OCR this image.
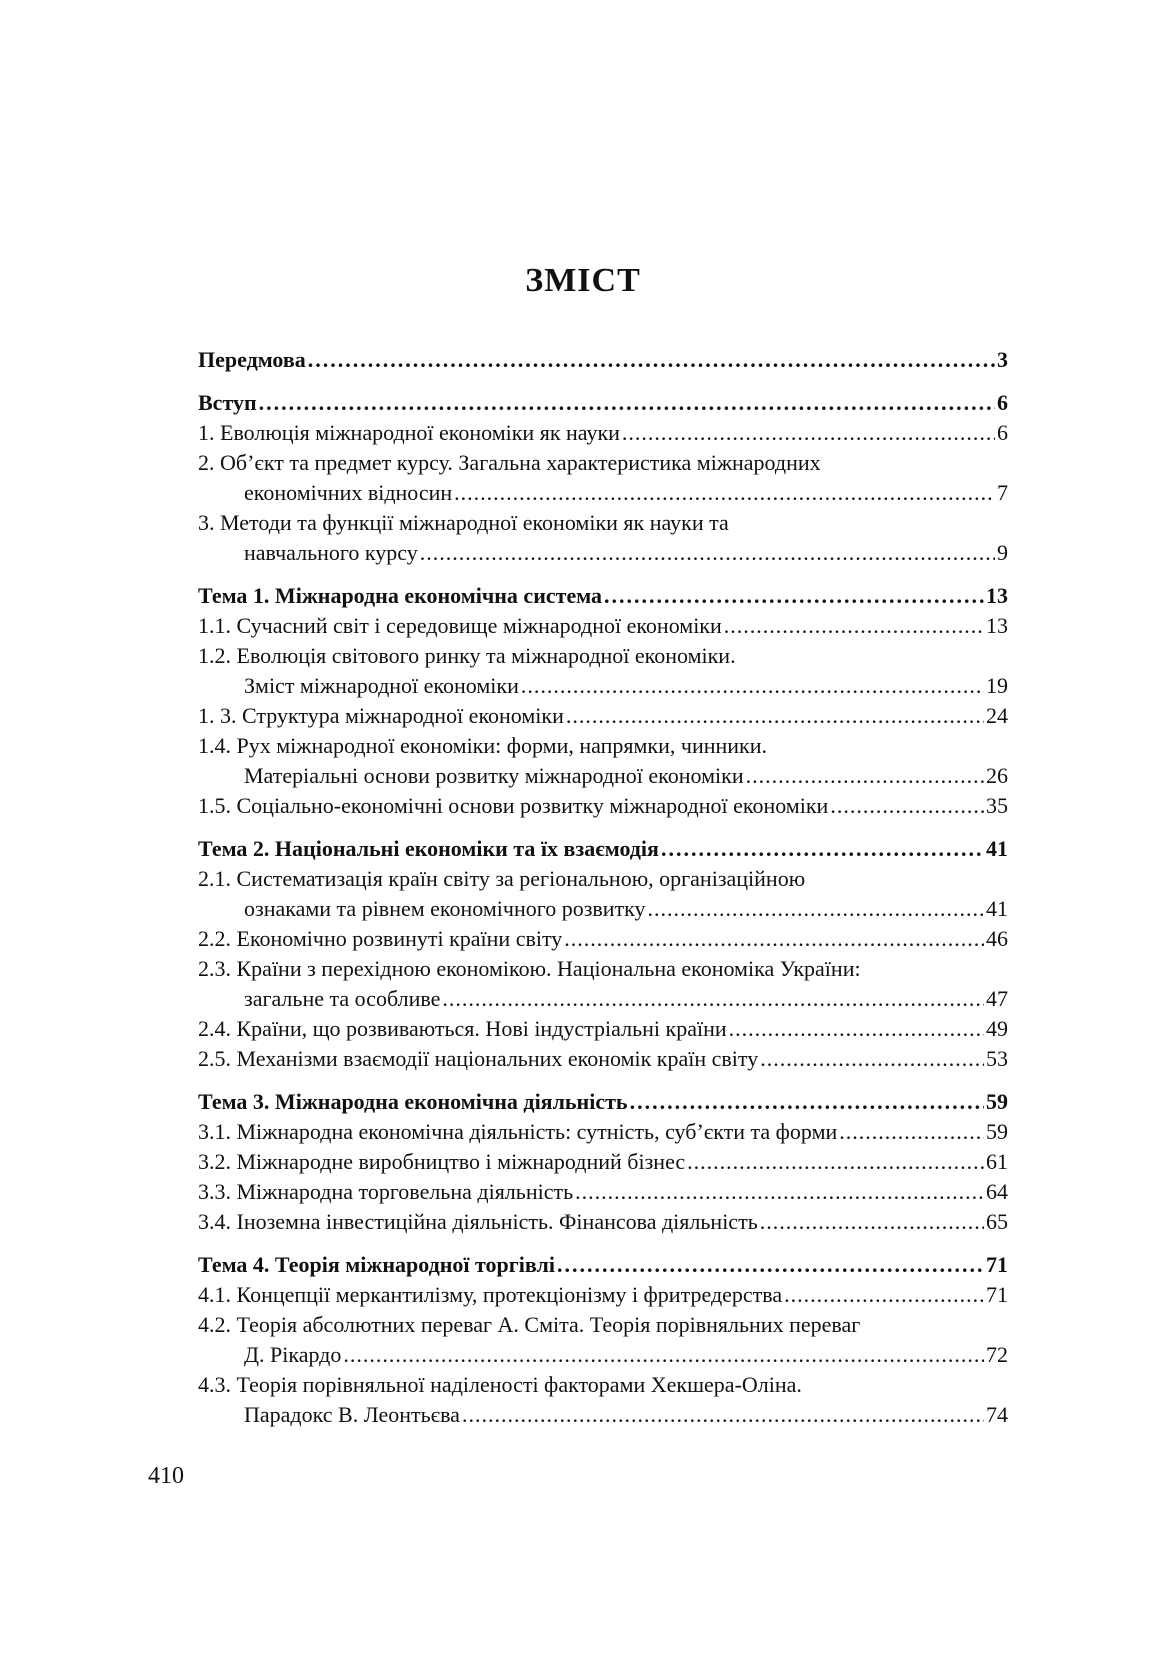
ЗМІСТ
Передмова .....	3
Вступ .....	6
1. Еволюція міжнародної економіки як науки .....	6
2. Об’єкт та предмет курсу. Загальна характеристика міжнародних
економічних відносин .....	7
3. Методи та функції міжнародної економіки як науки та
навчального курсу .....	9
Тема 1. Міжнародна економічна система .....	13
1.1. Сучасний світ і середовище міжнародної економіки .....	13
1.2. Еволюція світового ринку та міжнародної економіки.
Зміст міжнародної економіки .....	19
1. 3. Структура міжнародної економіки .....	24
1.4. Рух міжнародної економіки: форми, напрямки, чинники.
Матеріальні основи розвитку міжнародної економіки .....	26
1.5. Соціально-економічні основи розвитку міжнародної економіки .....	35
Тема 2. Національні економіки та їх взаємодія .....	41
2.1. Систематизація країн світу за регіональною, організаційною
ознаками та рівнем економічного розвитку .....	41
2.2. Економічно розвинуті країни світу .....	46
2.3. Країни з перехідною економікою. Національна економіка України:
загальне та особливе .....	47
2.4. Країни, що розвиваються. Нові індустріальні країни .....	49
2.5. Механізми взаємодії національних економік країн світу .....	53
Тема 3. Міжнародна економічна діяльність .....	59
3.1. Міжнародна економічна діяльність: сутність, суб’єкти та форми .....	59
3.2. Міжнародне виробництво і міжнародний бізнес .....	61
3.3. Міжнародна торговельна діяльність .....	64
3.4. Іноземна інвестиційна діяльність. Фінансова діяльність .....	65
Тема 4. Теорія міжнародної торгівлі .....	71
4.1. Концепції меркантилізму, протекціонізму і фритредерства .....	71
4.2. Теорія абсолютних переваг А. Сміта. Теорія порівняльних переваг
Д. Рікардо .....	72
4.3. Теорія порівняльної наділеності факторами Хекшера-Оліна.
Парадокс В. Леонтьєва .....	74

410
